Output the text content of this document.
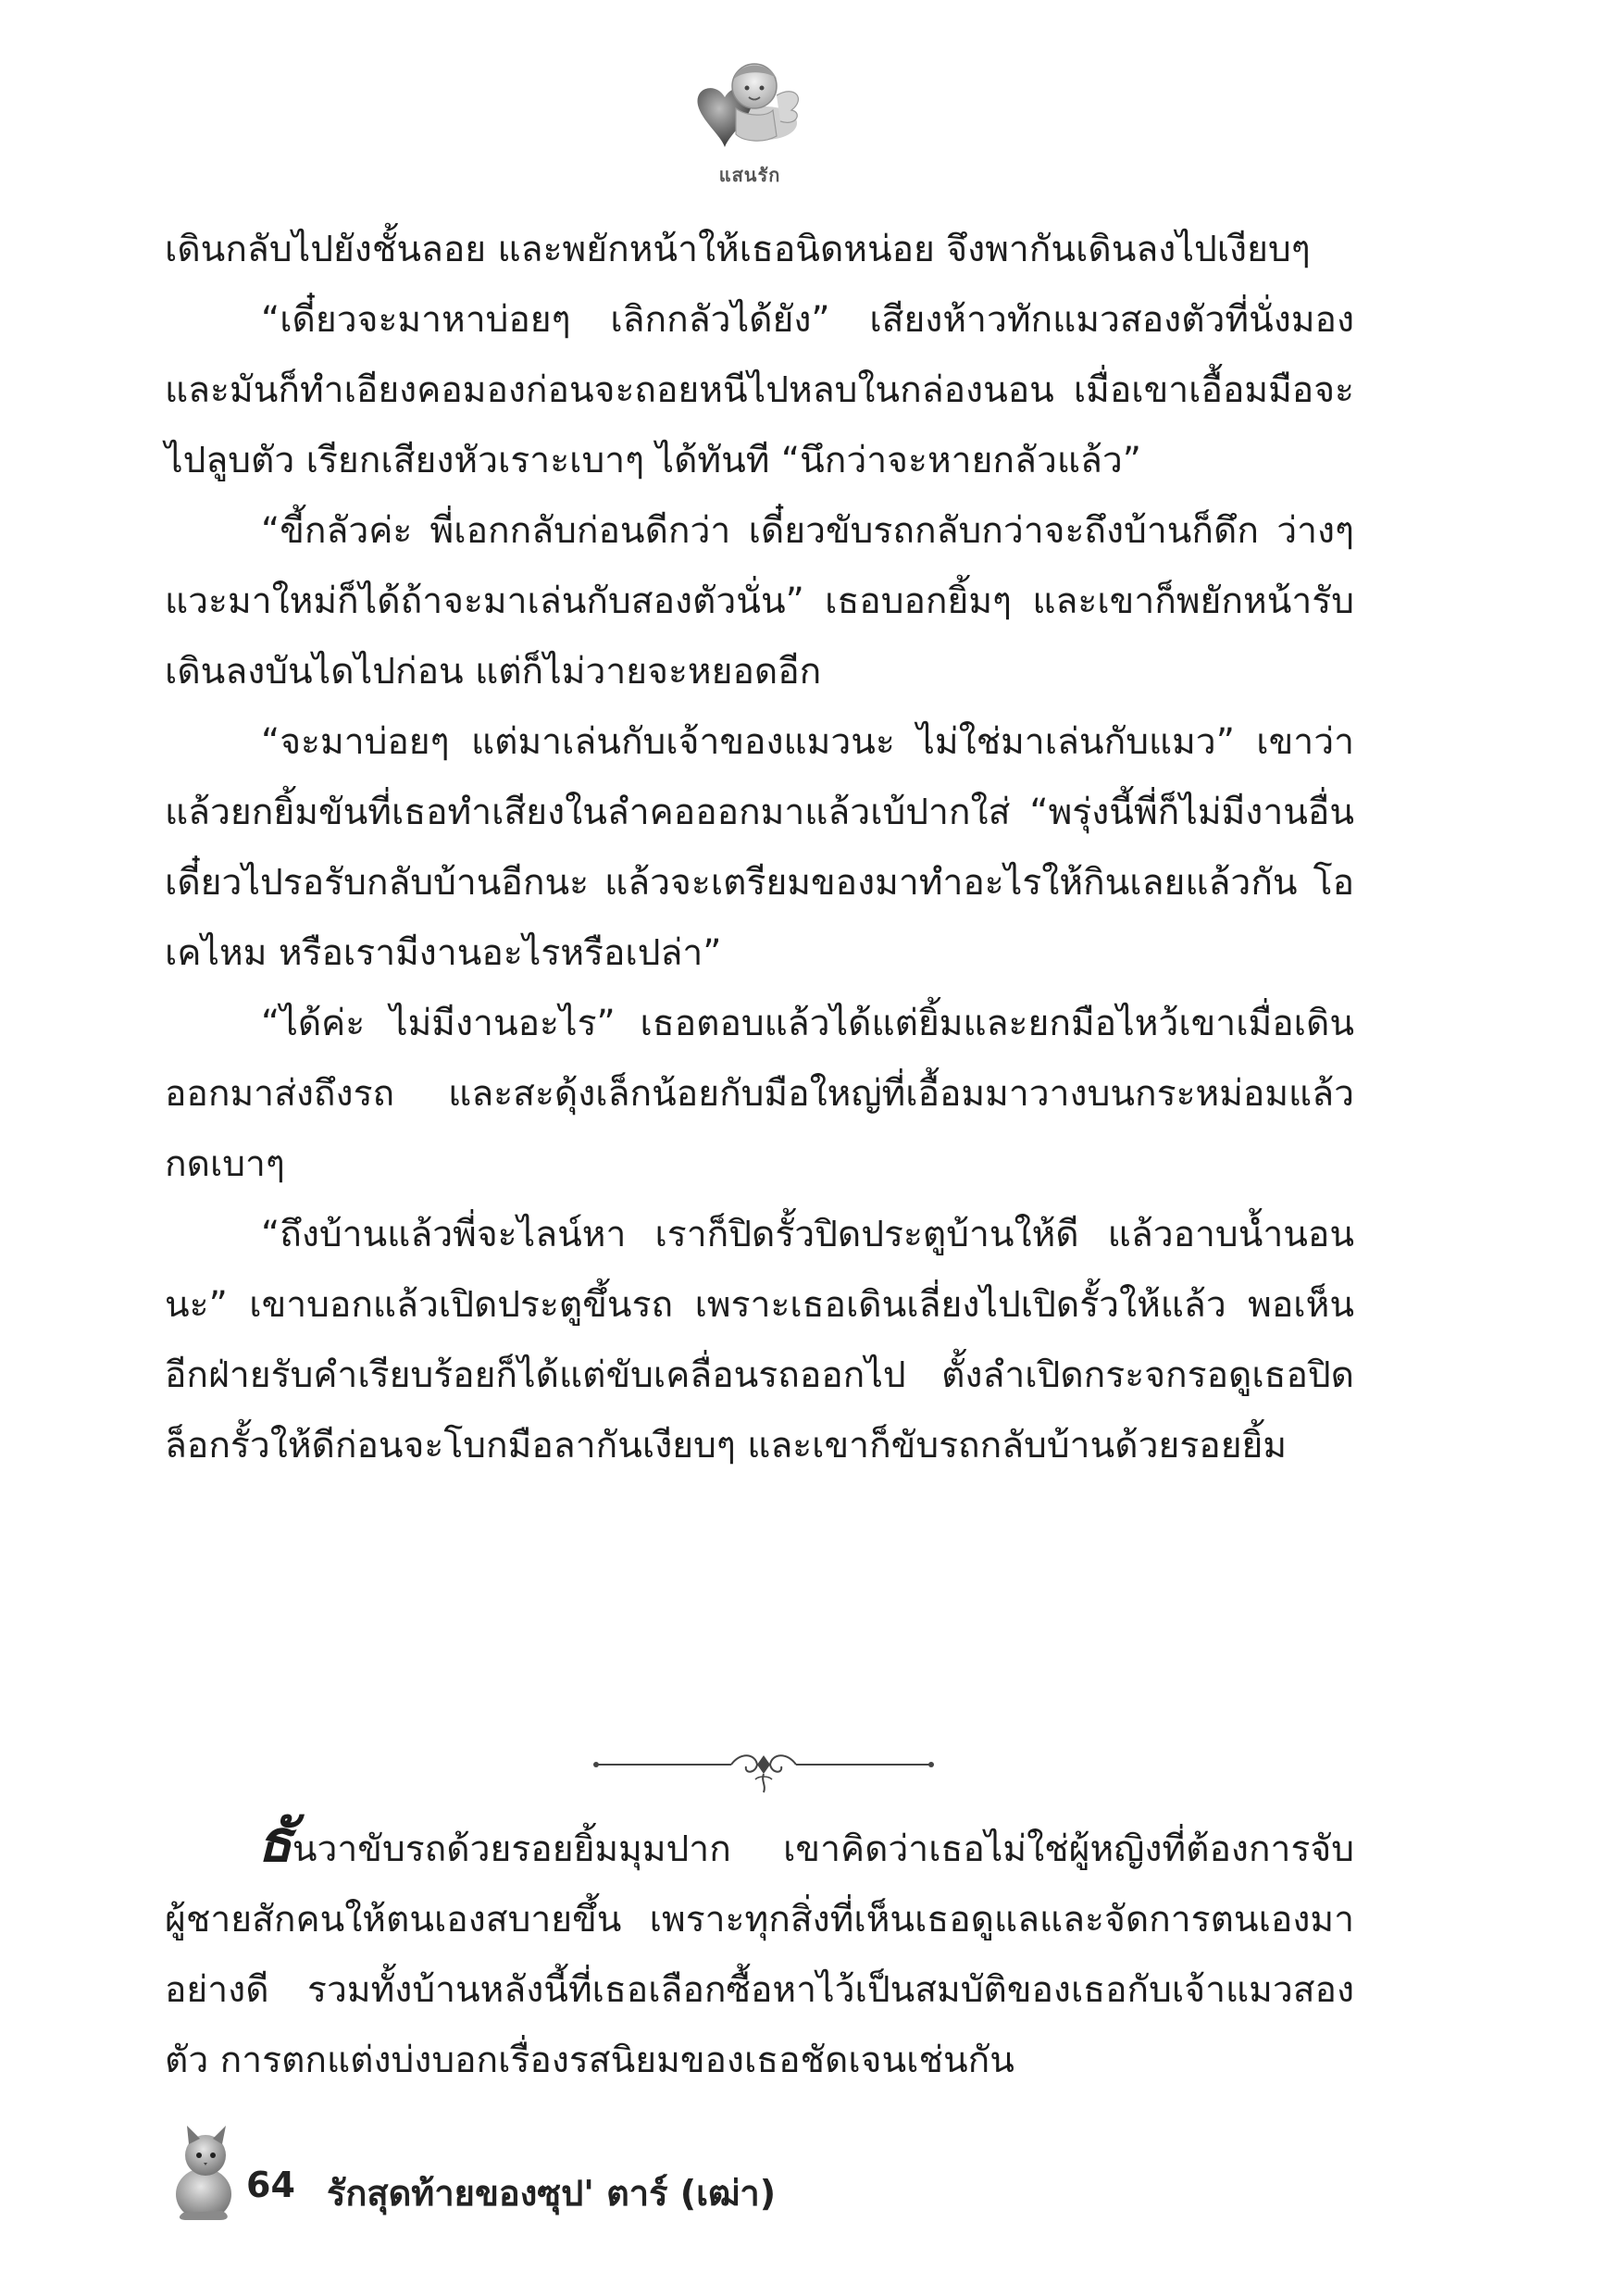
แสนรัก

เดินกลับไปยังชั้นลอย และพยักหน้าให้เธอนิดหน่อย จึงพากันเดินลงไปเงียบๆ

“เดี๋ยวจะมาหาบ่อยๆ เลิกกลัวได้ยัง” เสียงห้าวทักแมวสองตัวที่นั่งมอง และมันก็ทำเอียงคอมองก่อนจะถอยหนีไปหลบในกล่องนอน เมื่อเขาเอื้อมมือจะไปลูบตัว เรียกเสียงหัวเราะเบาๆ ได้ทันที “นึกว่าจะหายกลัวแล้ว”

“ขี้กลัวค่ะ พี่เอกกลับก่อนดีกว่า เดี๋ยวขับรถกลับกว่าจะถึงบ้านก็ดึก ว่างๆ แวะมาใหม่ก็ได้ถ้าจะมาเล่นกับสองตัวนั่น” เธอบอกยิ้มๆ และเขาก็พยักหน้ารับเดินลงบันไดไปก่อน แต่ก็ไม่วายจะหยอดอีก

“จะมาบ่อยๆ แต่มาเล่นกับเจ้าของแมวนะ ไม่ใช่มาเล่นกับแมว” เขาว่าแล้วยกยิ้มขันที่เธอทำเสียงในลำคอออกมาแล้วเบ้ปากใส่ “พรุ่งนี้พี่ก็ไม่มีงานอื่น เดี๋ยวไปรอรับกลับบ้านอีกนะ แล้วจะเตรียมของมาทำอะไรให้กินเลยแล้วกัน โอเคไหม หรือเรามีงานอะไรหรือเปล่า”

“ได้ค่ะ ไม่มีงานอะไร” เธอตอบแล้วได้แต่ยิ้มและยกมือไหว้เขาเมื่อเดินออกมาส่งถึงรถ และสะดุ้งเล็กน้อยกับมือใหญ่ที่เอื้อมมาวางบนกระหม่อมแล้วกดเบาๆ

“ถึงบ้านแล้วพี่จะไลน์หา เราก็ปิดรั้วปิดประตูบ้านให้ดี แล้วอาบน้ำนอนนะ” เขาบอกแล้วเปิดประตูขึ้นรถ เพราะเธอเดินเลี่ยงไปเปิดรั้วให้แล้ว พอเห็นอีกฝ่ายรับคำเรียบร้อยก็ได้แต่ขับเคลื่อนรถออกไป ตั้งลำเปิดกระจกรอดูเธอปิดล็อกรั้วให้ดีก่อนจะโบกมือลากันเงียบๆ และเขาก็ขับรถกลับบ้านด้วยรอยยิ้ม

ธันวาขับรถด้วยรอยยิ้มมุมปาก เขาคิดว่าเธอไม่ใช่ผู้หญิงที่ต้องการจับผู้ชายสักคนให้ตนเองสบายขึ้น เพราะทุกสิ่งที่เห็นเธอดูแลและจัดการตนเองมาอย่างดี รวมทั้งบ้านหลังนี้ที่เธอเลือกซื้อหาไว้เป็นสมบัติของเธอกับเจ้าแมวสองตัว การตกแต่งบ่งบอกเรื่องรสนิยมของเธอชัดเจนเช่นกัน

64 รักสุดท้ายของซุป' ตาร์ (เฒ่า)
